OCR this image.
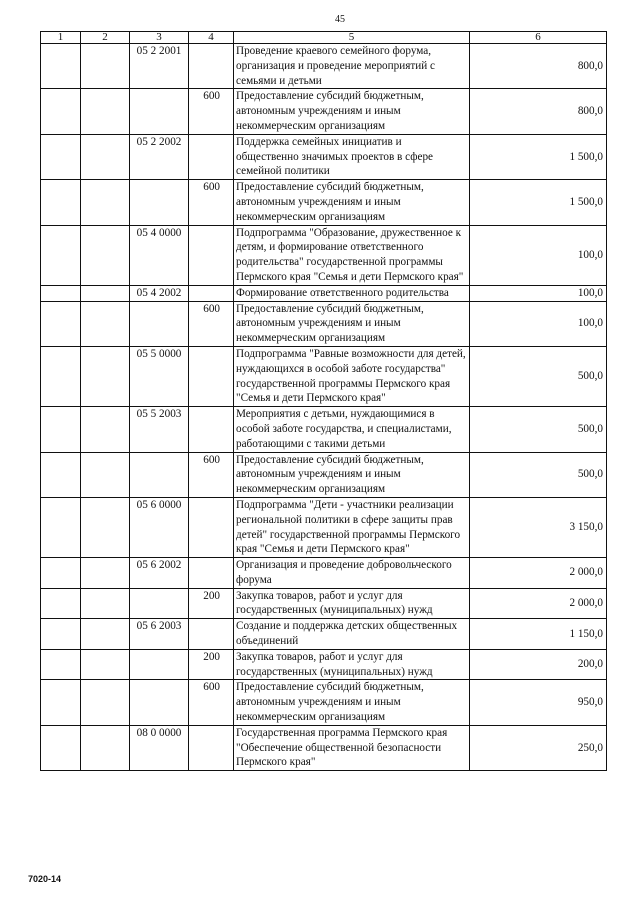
45
1	2	3	4	5	6
		05 2 2001		Проведение краевого семейного форума, организация и проведение мероприятий с семьями и детьми	800,0
			600	Предоставление субсидий бюджетным, автономным учреждениям и иным некоммерческим организациям	800,0
		05 2 2002		Поддержка семейных инициатив и общественно значимых проектов в сфере семейной политики	1 500,0
			600	Предоставление субсидий бюджетным, автономным учреждениям и иным некоммерческим организациям	1 500,0
		05 4 0000		Подпрограмма "Образование, дружественное к детям, и формирование ответственного родительства" государственной программы Пермского края "Семья и дети Пермского края"	100,0
		05 4 2002		Формирование ответственного родительства	100,0
			600	Предоставление субсидий бюджетным, автономным учреждениям и иным некоммерческим организациям	100,0
		05 5 0000		Подпрограмма "Равные возможности для детей, нуждающихся в особой заботе государства" государственной программы Пермского края "Семья и дети Пермского края"	500,0
		05 5 2003		Мероприятия с детьми, нуждающимися в особой заботе государства, и специалистами, работающими с такими детьми	500,0
			600	Предоставление субсидий бюджетным, автономным учреждениям и иным некоммерческим организациям	500,0
		05 6 0000		Подпрограмма "Дети - участники реализации региональной политики в сфере защиты прав детей" государственной программы Пермского края "Семья и дети Пермского края"	3 150,0
		05 6 2002		Организация и проведение добровольческого форума	2 000,0
			200	Закупка товаров, работ и услуг для государственных (муниципальных) нужд	2 000,0
		05 6 2003		Создание и поддержка детских общественных объединений	1 150,0
			200	Закупка товаров, работ и услуг для государственных (муниципальных) нужд	200,0
			600	Предоставление субсидий бюджетным, автономным учреждениям и иным некоммерческим организациям	950,0
		08 0 0000		Государственная программа Пермского края "Обеспечение общественной безопасности Пермского края"	250,0
7020-14
